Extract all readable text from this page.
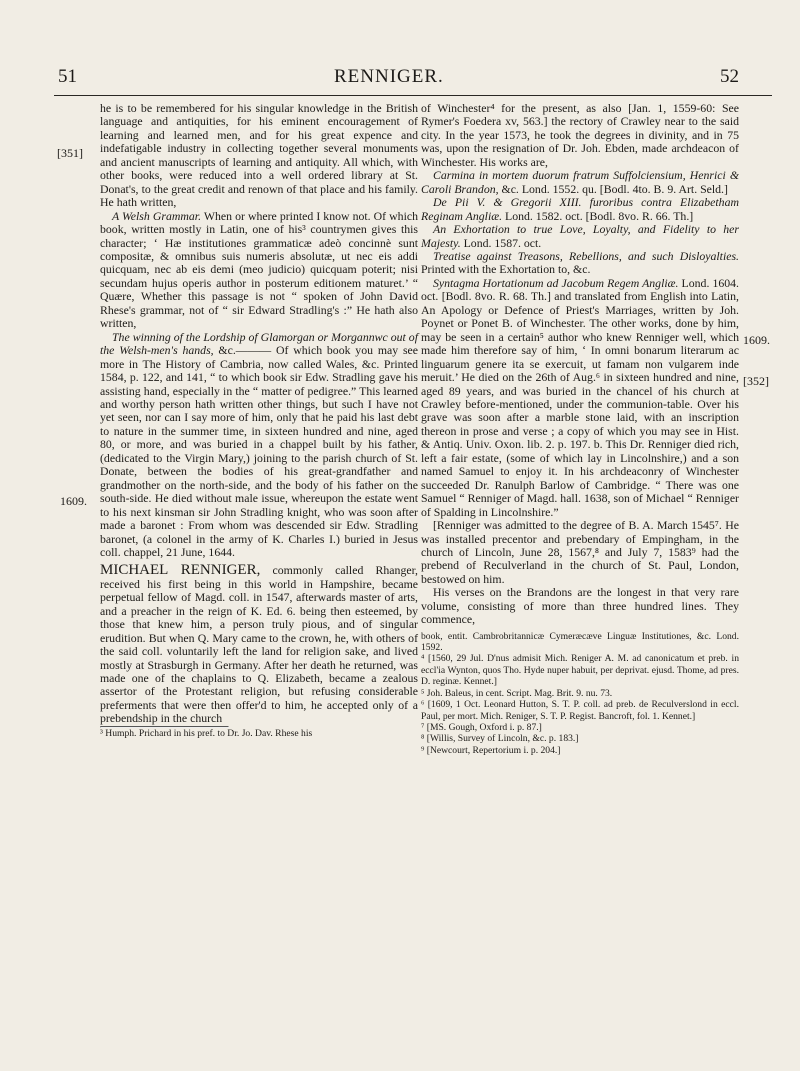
51	RENNIGER.	52
[351]
1609.
1609.
[352]

he is to be remembered for his singular knowledge in the British language and antiquities, for his eminent encouragement of learning and learned men, and for his great expence and indefatigable industry in collecting together several monuments and ancient manuscripts of learning and antiquity. All which, with other books, were reduced into a well ordered library at St. Donat's, to the great credit and renown of that place and his family. He hath written,

A Welsh Grammar. When or where printed I know not. Of which book, written mostly in Latin, one of his³ countrymen gives this character; ‘ Hæ institutiones grammaticæ adeò concinnè sunt compositæ, & omnibus suis numeris absolutæ, ut nec eis addi quicquam, nec ab eis demi (meo judicio) quicquam poterit; nisi secundam hujus operis author in posterum editionem maturet.’ “ Quære, Whether this passage is not “ spoken of John David Rhese's grammar, not of “ sir Edward Stradling's :” He hath also written,

The winning of the Lordship of Glamorgan or Morgannwc out of the Welsh-men's hands, &c.——— Of which book you may see more in The History of Cambria, now called Wales, &c. Printed 1584, p. 122, and 141, “ to which book sir Edw. Stradling gave his assisting hand, especially in the “ matter of pedigree.” This learned and worthy person hath written other things, but such I have not yet seen, nor can I say more of him, only that he paid his last debt to nature in the summer time, in sixteen hundred and nine, aged 80, or more, and was buried in a chappel built by his father, (dedicated to the Virgin Mary,) joining to the parish church of St. Donate, between the bodies of his great-grandfather and grandmother on the north-side, and the body of his father on the south-side. He died without male issue, whereupon the estate went to his next kinsman sir John Stradling knight, who was soon after made a baronet : From whom was descended sir Edw. Stradling baronet, (a colonel in the army of K. Charles I.) buried in Jesus coll. chappel, 21 June, 1644.

MICHAEL RENNIGER, commonly called Rhanger, received his first being in this world in Hampshire, became perpetual fellow of Magd. coll. in 1547, afterwards master of arts, and a preacher in the reign of K. Ed. 6. being then esteemed, by those that knew him, a person truly pious, and of singular erudition. But when Q. Mary came to the crown, he, with others of the said coll. voluntarily left the land for religion sake, and lived mostly at Strasburgh in Germany. After her death he returned, was made one of the chaplains to Q. Elizabeth, became a zealous assertor of the Protestant religion, but refusing considerable preferments that were then offer'd to him, he accepted only of a prebendship in the church

³ Humph. Prichard in his pref. to Dr. Jo. Dav. Rhese his

of Winchester⁴ for the present, as also [Jan. 1, 1559-60: See Rymer's Foedera xv, 563.] the rectory of Crawley near to the said city. In the year 1573, he took the degrees in divinity, and in 75 was, upon the resignation of Dr. Joh. Ebden, made archdeacon of Winchester. His works are,

Carmina in mortem duorum fratrum Suffolciensium, Henrici & Caroli Brandon, &c. Lond. 1552. qu. [Bodl. 4to. B. 9. Art. Seld.]

De Pii V. & Gregorii XIII. furoribus contra Elizabetham Reginam Angliæ. Lond. 1582. oct. [Bodl. 8vo. R. 66. Th.]

An Exhortation to true Love, Loyalty, and Fidelity to her Majesty. Lond. 1587. oct.

Treatise against Treasons, Rebellions, and such Disloyalties. Printed with the Exhortation to, &c.

Syntagma Hortationum ad Jacobum Regem Angliæ. Lond. 1604. oct. [Bodl. 8vo. R. 68. Th.] and translated from English into Latin, An Apology or Defence of Priest's Marriages, written by Joh. Poynet or Ponet B. of Winchester. The other works, done by him, may be seen in a certain⁵ author who knew Renniger well, which made him therefore say of him, ‘ In omni bonarum literarum ac linguarum genere ita se exercuit, ut famam non vulgarem inde meruit.’ He died on the 26th of Aug.⁶ in sixteen hundred and nine, aged 89 years, and was buried in the chancel of his church at Crawley before-mentioned, under the communion-table. Over his grave was soon after a marble stone laid, with an inscription thereon in prose and verse ; a copy of which you may see in Hist. & Antiq. Univ. Oxon. lib. 2. p. 197. b. This Dr. Renniger died rich, left a fair estate, (some of which lay in Lincolnshire,) and a son named Samuel to enjoy it. In his archdeaconry of Winchester succeeded Dr. Ranulph Barlow of Cambridge. “ There was one Samuel “ Renniger of Magd. hall. 1638, son of Michael “ Renniger of Spalding in Lincolnshire.”

[Renniger was admitted to the degree of B. A. March 1545⁷. He was installed precentor and prebendary of Empingham, in the church of Lincoln, June 28, 1567,⁸ and July 7, 1583⁹ had the prebend of Reculverland in the church of St. Paul, London, bestowed on him.

His verses on the Brandons are the longest in that very rare volume, consisting of more than three hundred lines. They commence,

book, entit. Cambrobritannicæ Cymeræcæve Linguæ Institutiones, &c. Lond. 1592.

⁴ [1560, 29 Jul. D'nus admisit Mich. Reniger A. M. ad canonicatum et preb. in eccl'ia Wynton, quos Tho. Hyde nuper habuit, per deprivat. ejusd. Thome, ad pres. D. reginæ. Kennet.]

⁵ Joh. Baleus, in cent. Script. Mag. Brit. 9. nu. 73.

⁶ [1609, 1 Oct. Leonard Hutton, S. T. P. coll. ad preb. de Reculverslond in eccl. Paul, per mort. Mich. Reniger, S. T. P. Regist. Bancroft, fol. 1. Kennet.]

⁷ [MS. Gough, Oxford i. p. 87.]

⁸ [Willis, Survey of Lincoln, &c. p. 183.]

⁹ [Newcourt, Repertorium i. p. 204.]
